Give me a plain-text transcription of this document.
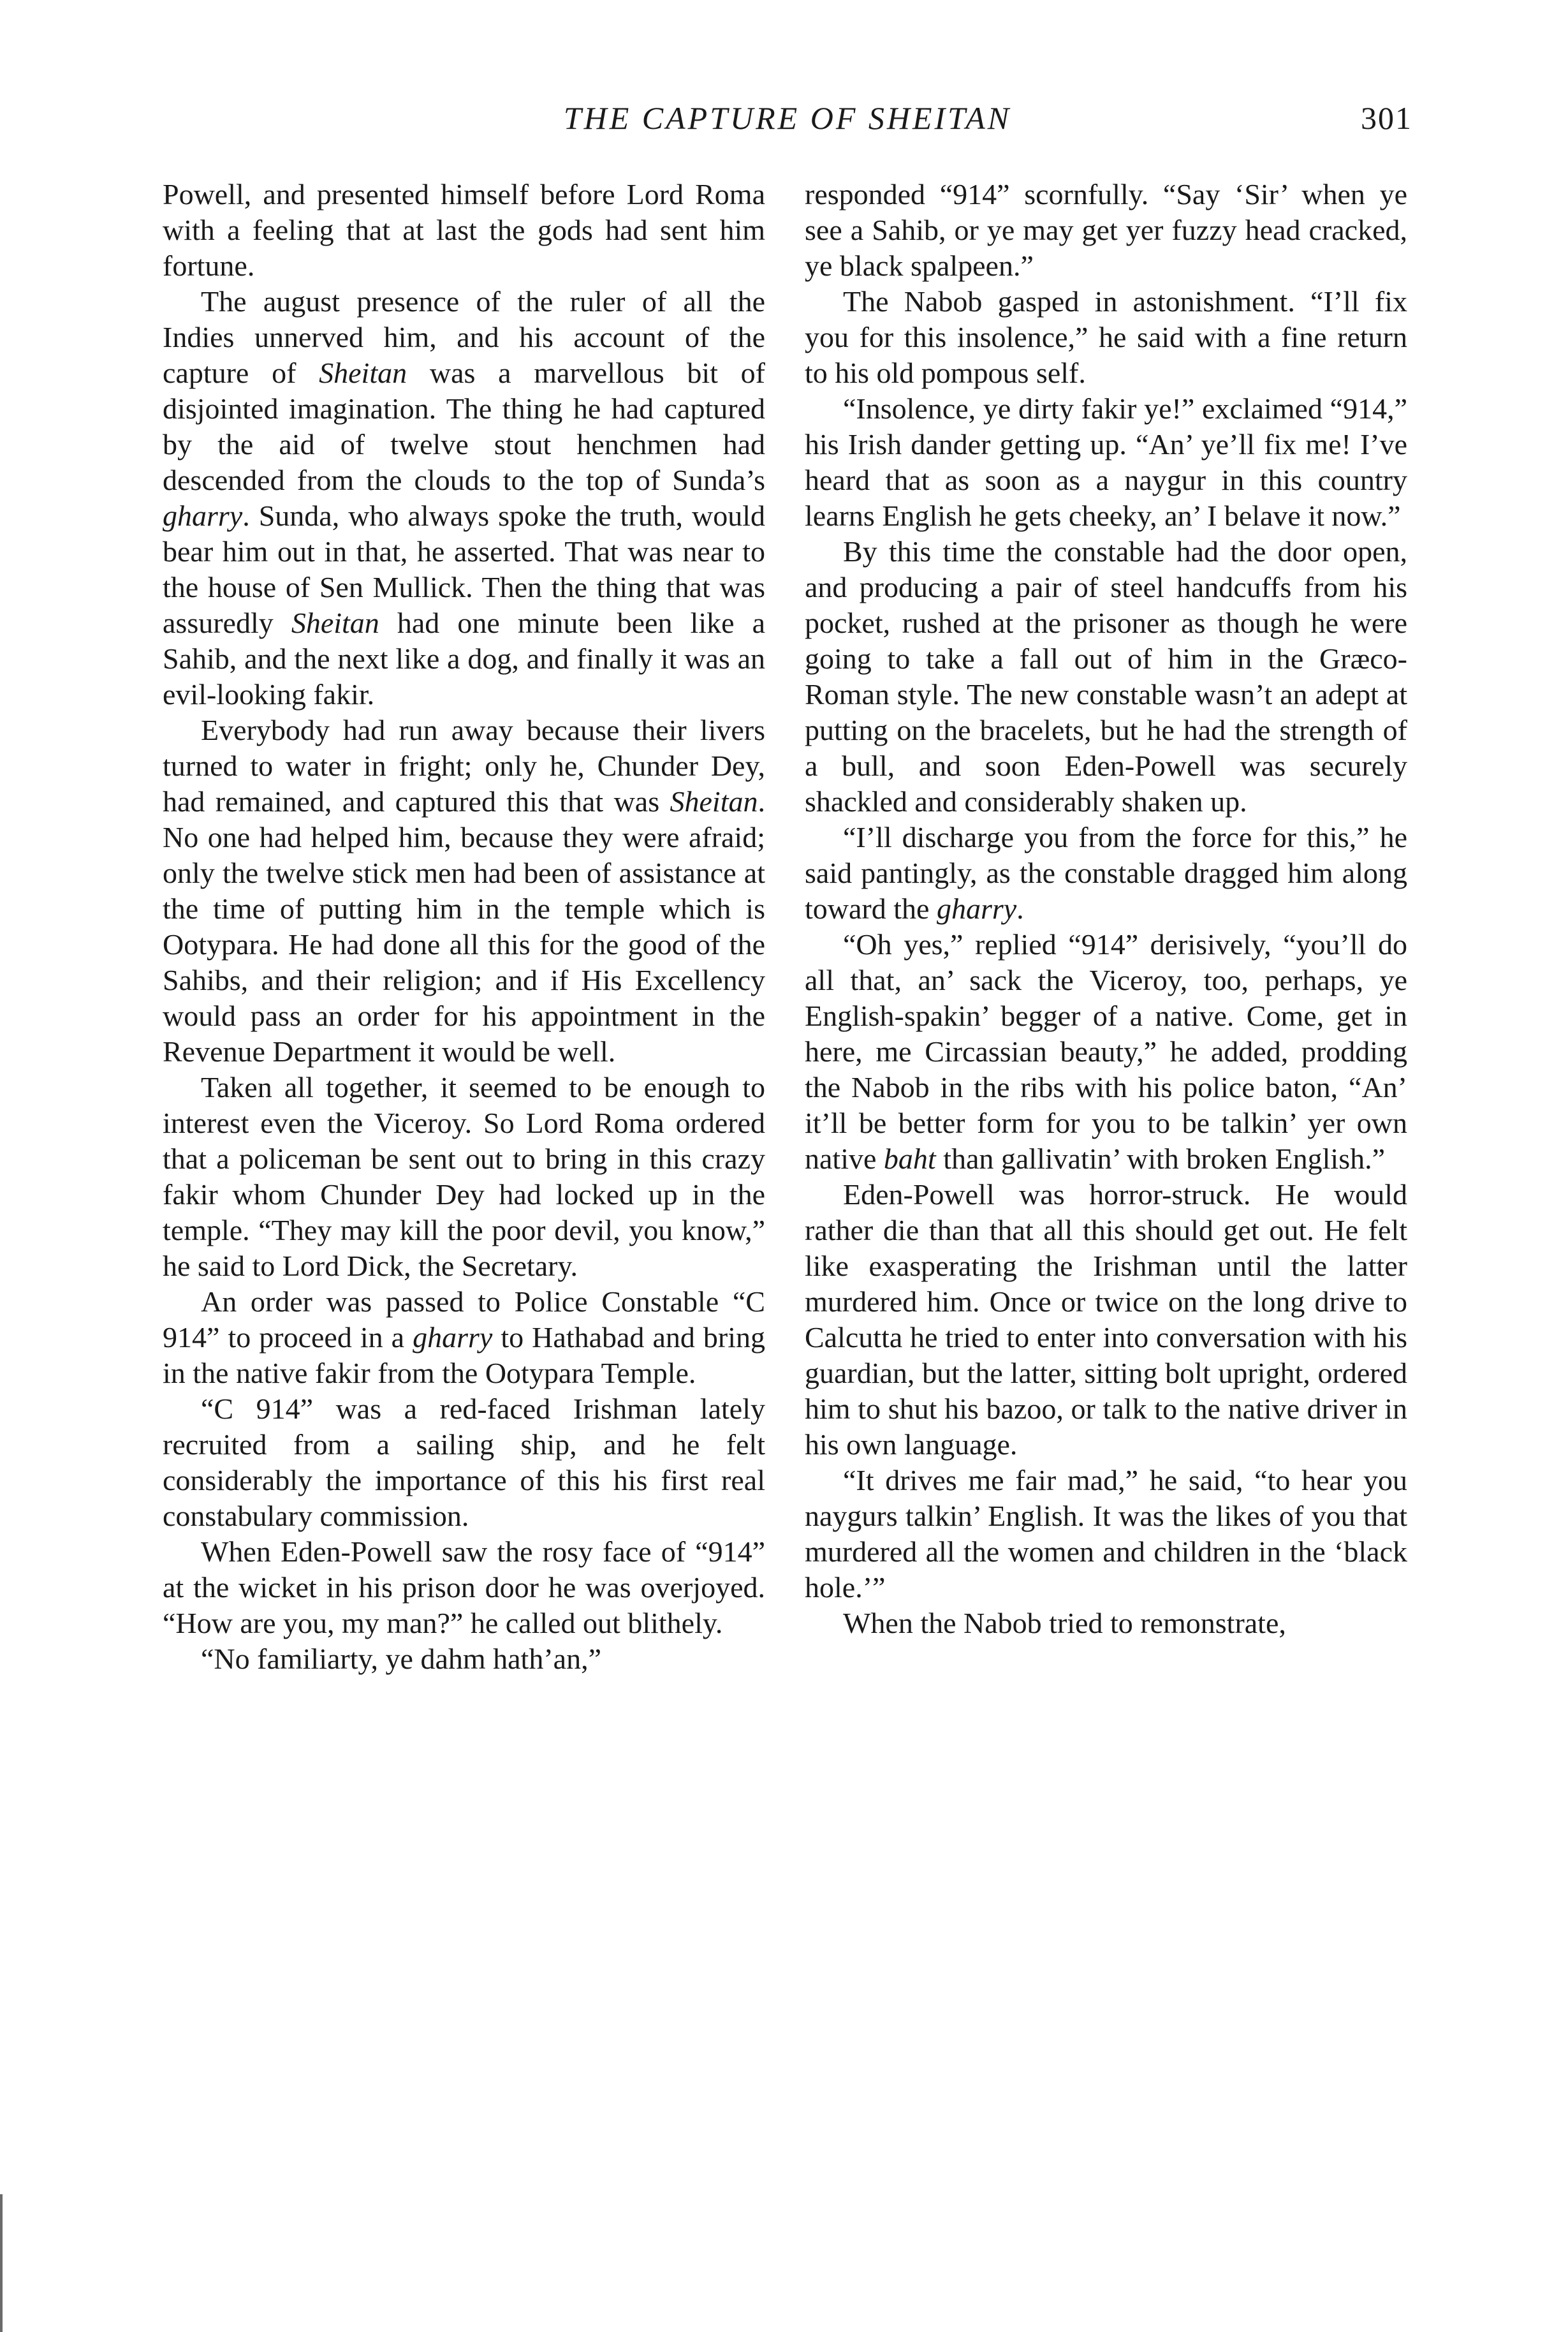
THE CAPTURE OF SHEITAN	301

Powell, and presented himself before Lord Roma with a feeling that at last the gods had sent him fortune.

The august presence of the ruler of all the Indies unnerved him, and his account of the capture of Sheitan was a marvellous bit of disjointed imagination. The thing he had captured by the aid of twelve stout henchmen had descended from the clouds to the top of Sunda’s gharry. Sunda, who always spoke the truth, would bear him out in that, he asserted. That was near to the house of Sen Mullick. Then the thing that was assuredly Sheitan had one minute been like a Sahib, and the next like a dog, and finally it was an evil-looking fakir.

Everybody had run away because their livers turned to water in fright; only he, Chunder Dey, had remained, and captured this that was Sheitan. No one had helped him, because they were afraid; only the twelve stick men had been of assistance at the time of putting him in the temple which is Ootypara. He had done all this for the good of the Sahibs, and their religion; and if His Excellency would pass an order for his appointment in the Revenue Department it would be well.

Taken all together, it seemed to be enough to interest even the Viceroy. So Lord Roma ordered that a policeman be sent out to bring in this crazy fakir whom Chunder Dey had locked up in the temple. “They may kill the poor devil, you know,” he said to Lord Dick, the Secretary.

An order was passed to Police Constable “C 914” to proceed in a gharry to Hathabad and bring in the native fakir from the Ootypara Temple.

“C 914” was a red-faced Irishman lately recruited from a sailing ship, and he felt considerably the importance of this his first real constabulary commission.

When Eden-Powell saw the rosy face of “914” at the wicket in his prison door he was overjoyed. “How are you, my man?” he called out blithely.

“No familiarty, ye dahm hath’an,”

responded “914” scornfully. “Say ‘Sir’ when ye see a Sahib, or ye may get yer fuzzy head cracked, ye black spalpeen.”

The Nabob gasped in astonishment. “I’ll fix you for this insolence,” he said with a fine return to his old pompous self.

“Insolence, ye dirty fakir ye!” exclaimed “914,” his Irish dander getting up. “An’ ye’ll fix me! I’ve heard that as soon as a naygur in this country learns English he gets cheeky, an’ I belave it now.”

By this time the constable had the door open, and producing a pair of steel handcuffs from his pocket, rushed at the prisoner as though he were going to take a fall out of him in the Græco-Roman style. The new constable wasn’t an adept at putting on the bracelets, but he had the strength of a bull, and soon Eden-Powell was securely shackled and considerably shaken up.

“I’ll discharge you from the force for this,” he said pantingly, as the constable dragged him along toward the gharry.

“Oh yes,” replied “914” derisively, “you’ll do all that, an’ sack the Viceroy, too, perhaps, ye English-spakin’ begger of a native. Come, get in here, me Circassian beauty,” he added, prodding the Nabob in the ribs with his police baton, “An’ it’ll be better form for you to be talkin’ yer own native baht than gallivatin’ with broken English.”

Eden-Powell was horror-struck. He would rather die than that all this should get out. He felt like exasperating the Irishman until the latter murdered him. Once or twice on the long drive to Calcutta he tried to enter into conversation with his guardian, but the latter, sitting bolt upright, ordered him to shut his bazoo, or talk to the native driver in his own language.

“It drives me fair mad,” he said, “to hear you naygurs talkin’ English. It was the likes of you that murdered all the women and children in the ‘black hole.’”

When the Nabob tried to remonstrate,
